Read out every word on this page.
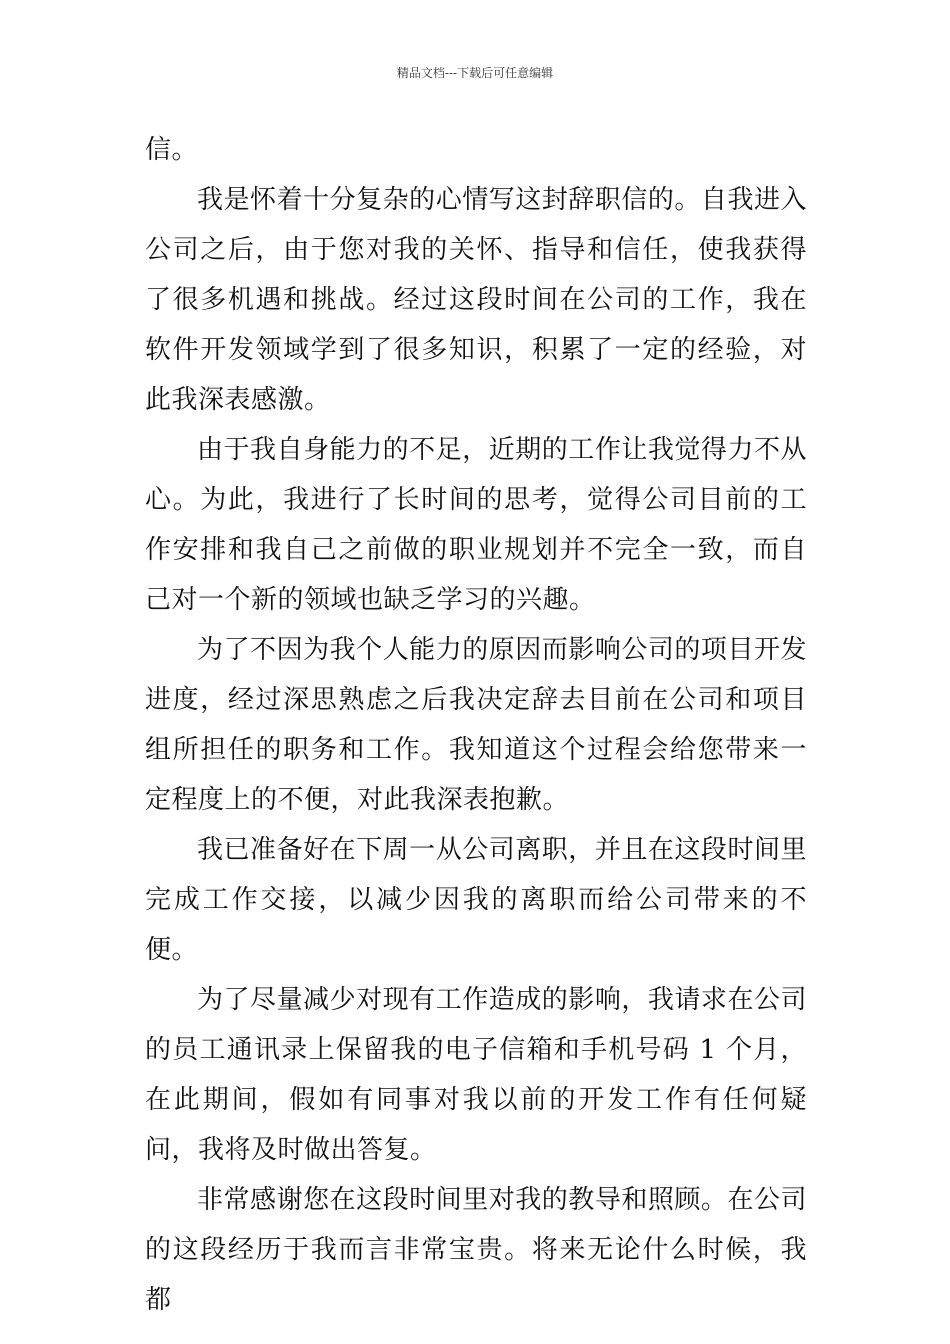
精品文档---下载后可任意编辑

信。

我是怀着十分复杂的心情写这封辞职信的。自我进入公司之后，由于您对我的关怀、指导和信任，使我获得了很多机遇和挑战。经过这段时间在公司的工作，我在软件开发领域学到了很多知识，积累了一定的经验，对此我深表感激。

由于我自身能力的不足，近期的工作让我觉得力不从心。为此，我进行了长时间的思考，觉得公司目前的工作安排和我自己之前做的职业规划并不完全一致，而自己对一个新的领域也缺乏学习的兴趣。

为了不因为我个人能力的原因而影响公司的项目开发进度，经过深思熟虑之后我决定辞去目前在公司和项目组所担任的职务和工作。我知道这个过程会给您带来一定程度上的不便，对此我深表抱歉。

我已准备好在下周一从公司离职，并且在这段时间里完成工作交接，以减少因我的离职而给公司带来的不便。

为了尽量减少对现有工作造成的影响，我请求在公司的员工通讯录上保留我的电子信箱和手机号码 1 个月，在此期间，假如有同事对我以前的开发工作有任何疑问，我将及时做出答复。

非常感谢您在这段时间里对我的教导和照顾。在公司的这段经历于我而言非常宝贵。将来无论什么时候，我都
